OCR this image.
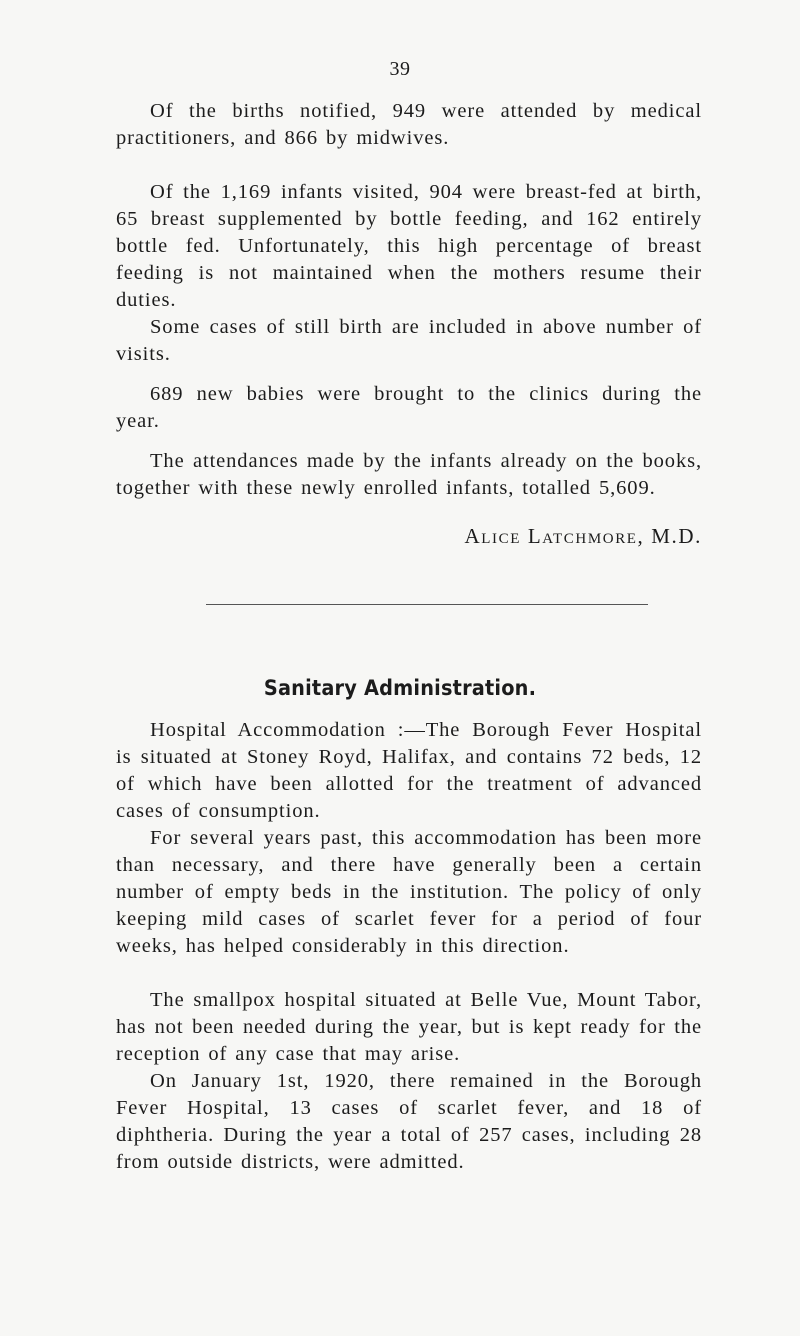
39

Of the births notified, 949 were attended by medical practitioners, and 866 by midwives.

Of the 1,169 infants visited, 904 were breast-fed at birth, 65 breast supplemented by bottle feeding, and 162 entirely bottle fed. Unfortunately, this high percentage of breast feeding is not maintained when the mothers resume their duties.

Some cases of still birth are included in above number of visits.

689 new babies were brought to the clinics during the year.

The attendances made by the infants already on the books, together with these newly enrolled infants, totalled 5,609.

Alice Latchmore, M.D.
Sanitary Administration.

Hospital Accommodation :—The Borough Fever Hospital is situated at Stoney Royd, Halifax, and contains 72 beds, 12 of which have been allotted for the treatment of advanced cases of consumption.

For several years past, this accommodation has been more than necessary, and there have generally been a certain number of empty beds in the institution. The policy of only keeping mild cases of scarlet fever for a period of four weeks, has helped considerably in this direction.

The smallpox hospital situated at Belle Vue, Mount Tabor, has not been needed during the year, but is kept ready for the reception of any case that may arise.

On January 1st, 1920, there remained in the Borough Fever Hospital, 13 cases of scarlet fever, and 18 of diphtheria. During the year a total of 257 cases, including 28 from outside districts, were admitted.
